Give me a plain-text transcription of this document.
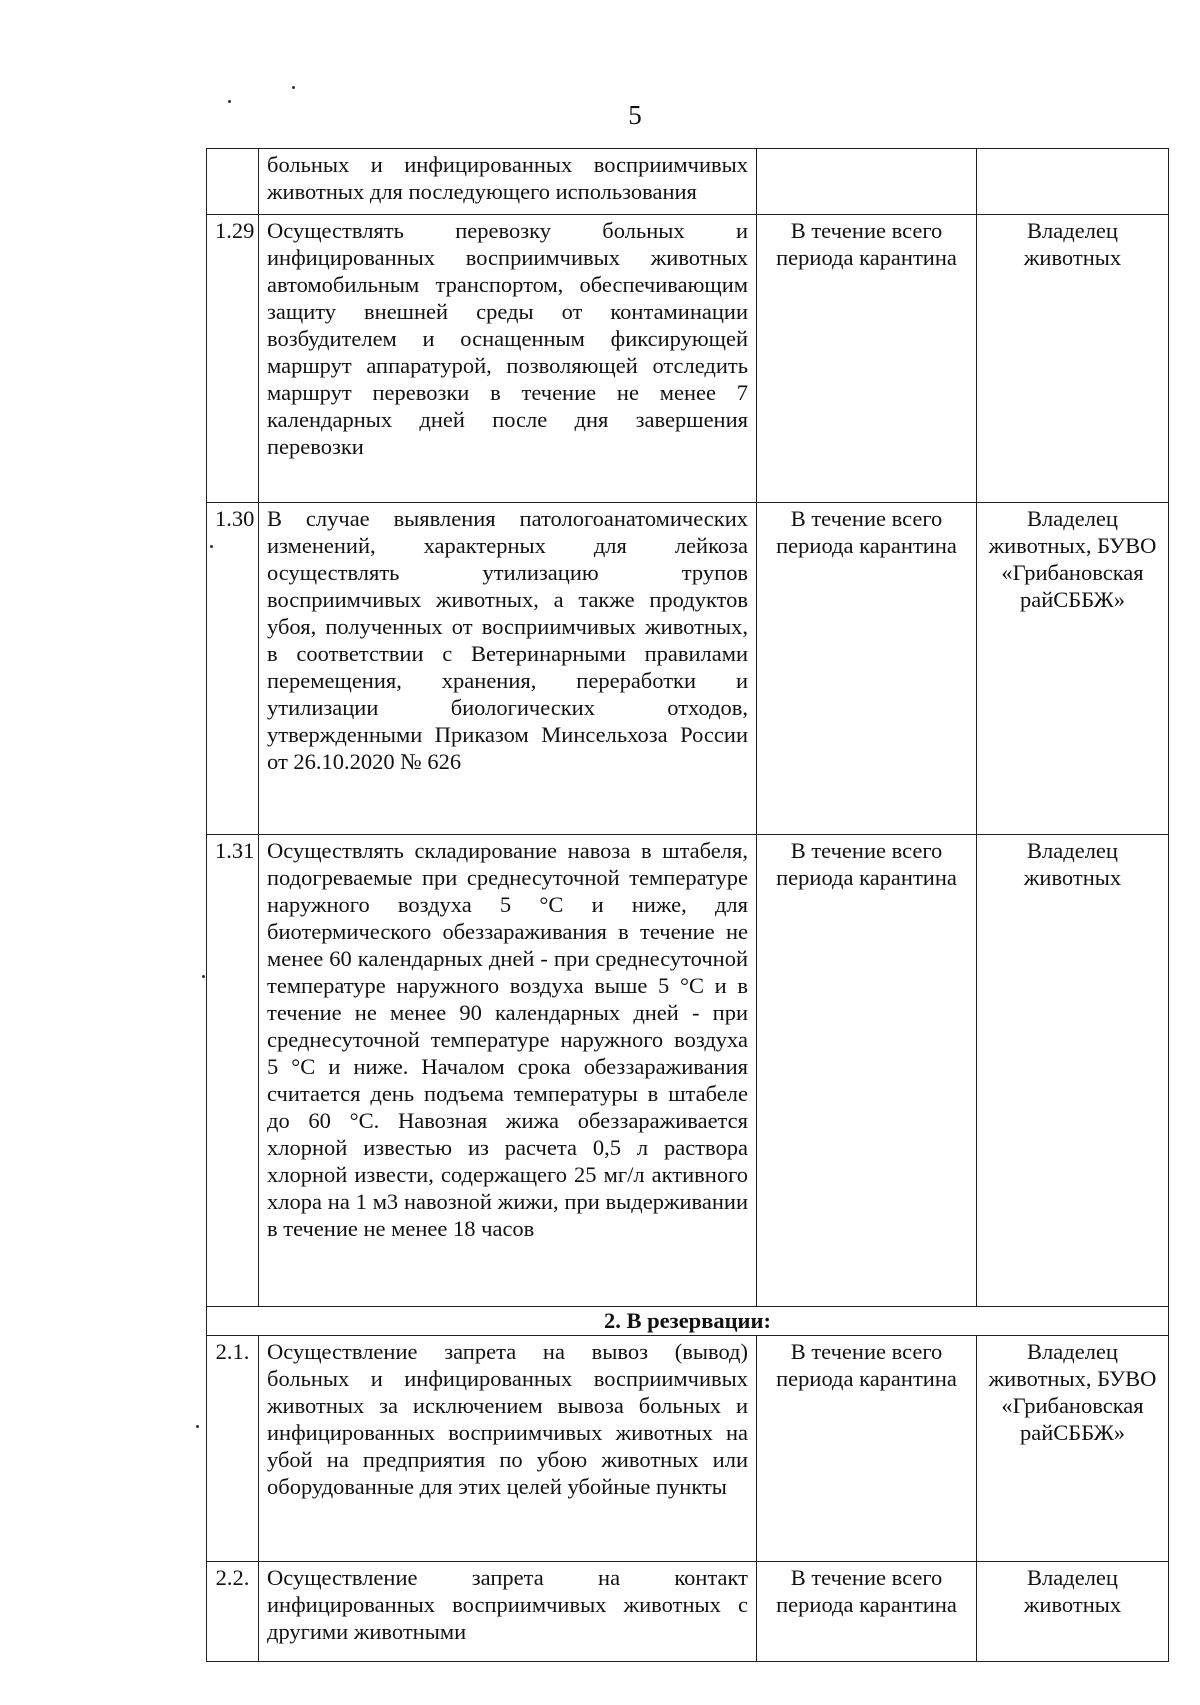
5
	больных и инфицированных восприимчивых животных для последующего использования		
1.29	Осуществлять перевозку больных и инфицированных восприимчивых животных автомобильным транспортом, обеспечивающим защиту внешней среды от контаминации возбудителем и оснащенным фиксирующей маршрут аппаратурой, позволяющей отследить маршрут перевозки в течение не менее 7 календарных дней после дня завершения перевозки	В течение всего периода карантина	Владелец животных
1.30	В случае выявления патологоанатомических изменений, характерных для лейкоза осуществлять утилизацию трупов восприимчивых животных, а также продуктов убоя, полученных от восприимчивых животных, в соответствии с Ветеринарными правилами перемещения, хранения, переработки и утилизации биологических отходов, утвержденными Приказом Минсельхоза России от 26.10.2020 № 626	В течение всего периода карантина	Владелец животных, БУВО «Грибановская райСББЖ»
1.31	Осуществлять складирование навоза в штабеля, подогреваемые при среднесуточной температуре наружного воздуха 5 °С и ниже, для биотермического обеззараживания в течение не менее 60 календарных дней - при среднесуточной температуре наружного воздуха выше 5 °С и в течение не менее 90 календарных дней - при среднесуточной температуре наружного воздуха 5 °С и ниже. Началом срока обеззараживания считается день подъема температуры в штабеле до 60 °С. Навозная жижа обеззараживается хлорной известью из расчета 0,5 л раствора хлорной извести, содержащего 25 мг/л активного хлора на 1 м3 навозной жижи, при выдерживании в течение не менее 18 часов	В течение всего периода карантина	Владелец животных
2. В резервации:			
2.1.	Осуществление запрета на вывоз (вывод) больных и инфицированных восприимчивых животных за исключением вывоза больных и инфицированных восприимчивых животных на убой на предприятия по убою животных или оборудованные для этих целей убойные пункты	В течение всего периода карантина	Владелец животных, БУВО «Грибановская райСББЖ»
2.2.	Осуществление запрета на контакт инфицированных восприимчивых животных с другими животными	В течение всего периода карантина	Владелец животных
